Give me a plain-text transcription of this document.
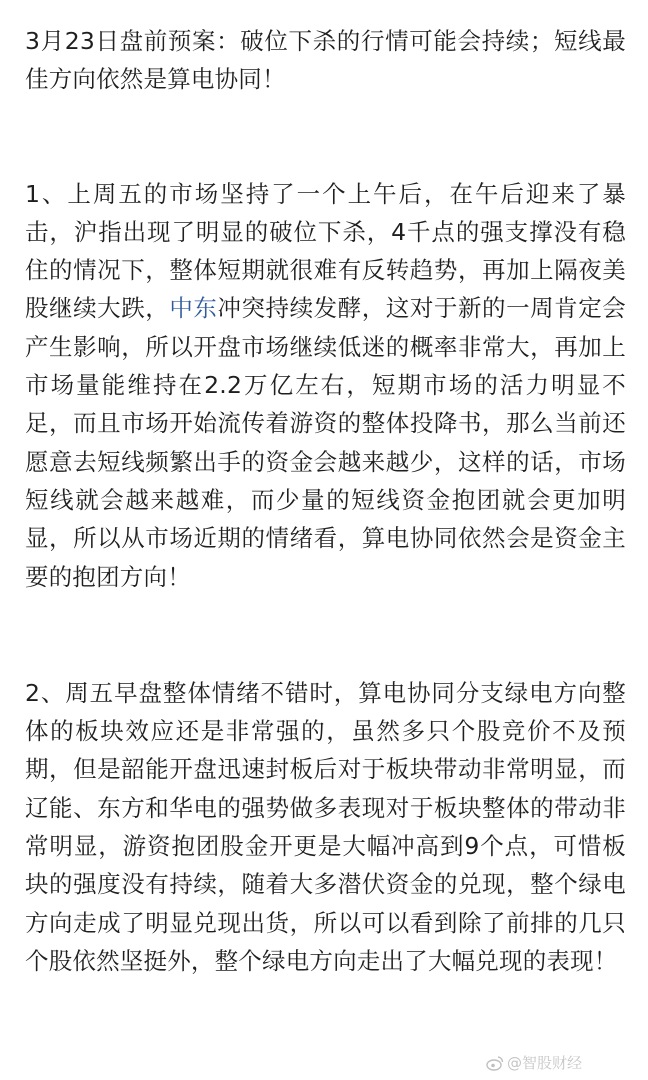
3月23日盘前预案：破位下杀的行情可能会持续；短线最佳方向依然是算电协同！

1、上周五的市场坚持了一个上午后，在午后迎来了暴击，沪指出现了明显的破位下杀，4千点的强支撑没有稳住的情况下，整体短期就很难有反转趋势，再加上隔夜美股继续大跌，中东冲突持续发酵，这对于新的一周肯定会产生影响，所以开盘市场继续低迷的概率非常大，再加上市场量能维持在2.2万亿左右，短期市场的活力明显不足，而且市场开始流传着游资的整体投降书，那么当前还愿意去短线频繁出手的资金会越来越少，这样的话，市场短线就会越来越难，而少量的短线资金抱团就会更加明显，所以从市场近期的情绪看，算电协同依然会是资金主要的抱团方向！

2、周五早盘整体情绪不错时，算电协同分支绿电方向整体的板块效应还是非常强的，虽然多只个股竞价不及预期，但是韶能开盘迅速封板后对于板块带动非常明显，而辽能、东方和华电的强势做多表现对于板块整体的带动非常明显，游资抱团股金开更是大幅冲高到9个点，可惜板块的强度没有持续，随着大多潜伏资金的兑现，整个绿电方向走成了明显兑现出货，所以可以看到除了前排的几只个股依然坚挺外，整个绿电方向走出了大幅兑现的表现！

@智股财经
